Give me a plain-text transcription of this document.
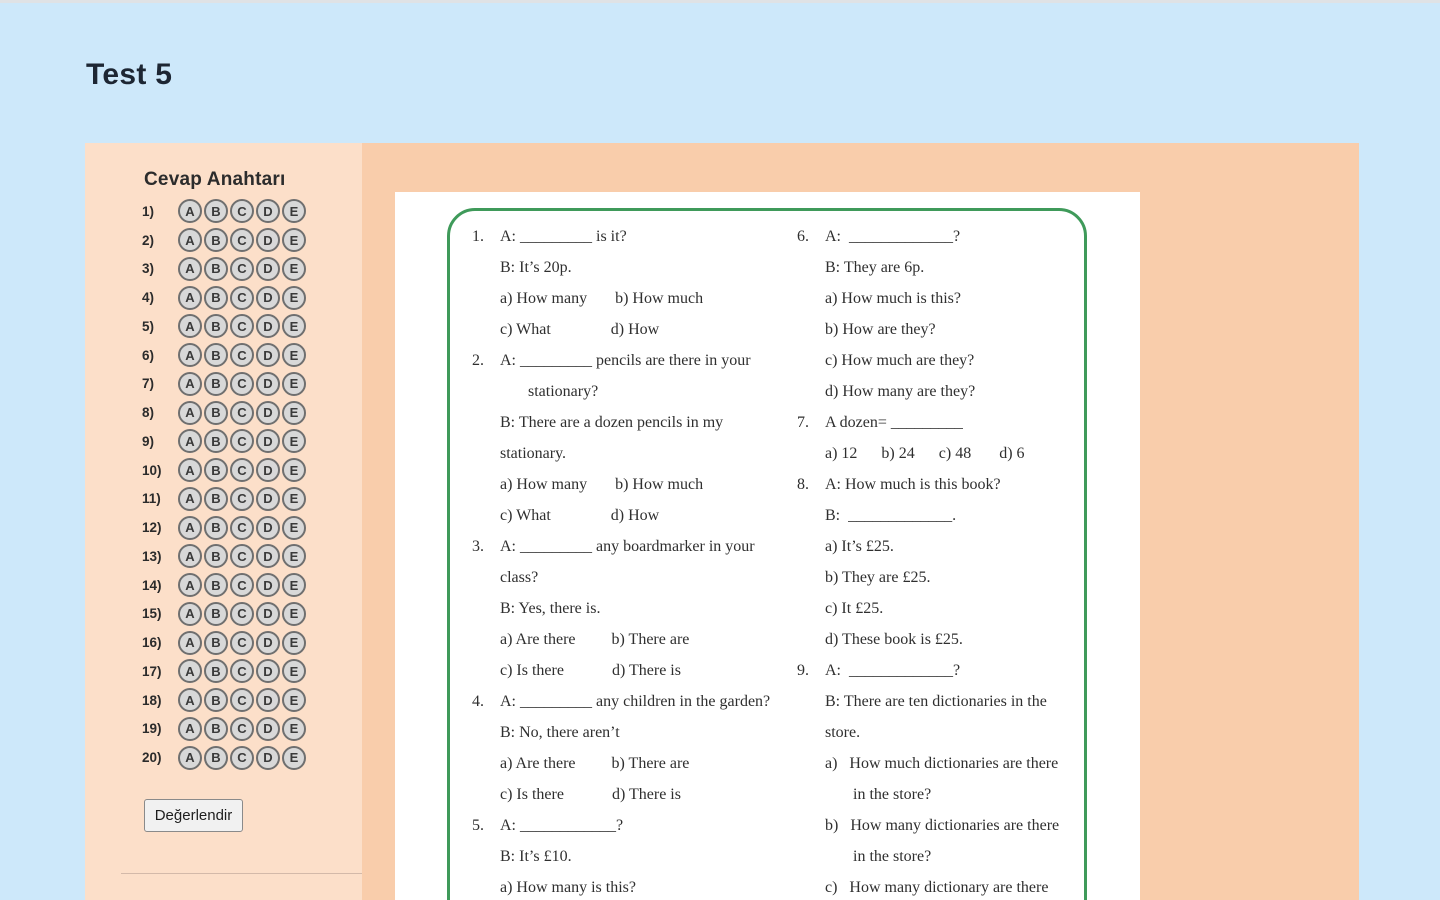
Test 5
Cevap Anahtarı
1)	A	B	C	D	E
2)	A	B	C	D	E
3)	A	B	C	D	E
4)	A	B	C	D	E
5)	A	B	C	D	E
6)	A	B	C	D	E
7)	A	B	C	D	E
8)	A	B	C	D	E
9)	A	B	C	D	E
10)	A	B	C	D	E
11)	A	B	C	D	E
12)	A	B	C	D	E
13)	A	B	C	D	E
14)	A	B	C	D	E
15)	A	B	C	D	E
16)	A	B	C	D	E
17)	A	B	C	D	E
18)	A	B	C	D	E
19)	A	B	C	D	E
20)	A	B	C	D	E
Değerlendir
1. A: _________ is it?
B: It’s 20p.
a) How many       b) How much
c) What               d) How
2. A: _________ pencils are there in your
stationary?
B: There are a dozen pencils in my
stationary.
a) How many       b) How much
c) What               d) How
3. A: _________ any boardmarker in your
class?
B: Yes, there is.
a) Are there         b) There are
c) Is there            d) There is
4. A: _________ any children in the garden?
B: No, there aren’t
a) Are there         b) There are
c) Is there            d) There is
5. A: ____________?
B: It’s £10.
a) How many is this?
6. A:  _____________?
B: They are 6p.
a) How much is this?
b) How are they?
c) How much are they?
d) How many are they?
7. A dozen= _________
a) 12      b) 24      c) 48       d) 6
8. A: How much is this book?
B:  _____________.
a) It’s £25.
b) They are £25.
c) It £25.
d) These book is £25.
9. A:  _____________?
B: There are ten dictionaries in the
store.
a)   How much dictionaries are there
in the store?
b)   How many dictionaries are there
in the store?
c)   How many dictionary are there
